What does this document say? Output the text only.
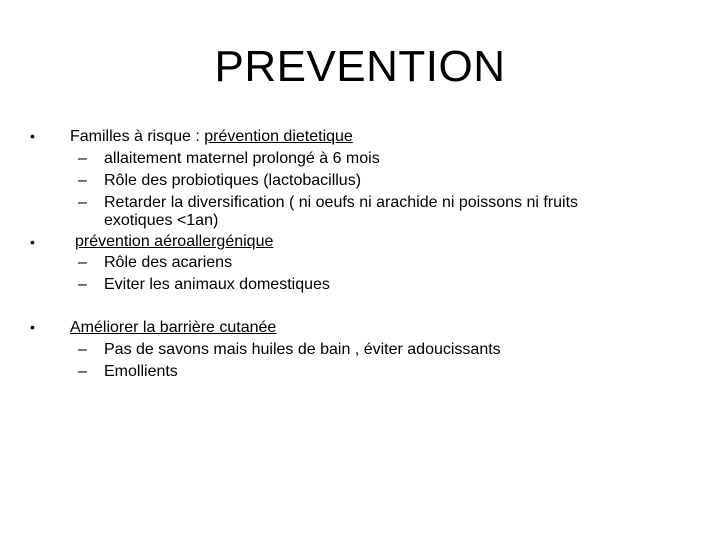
PREVENTION
• Familles à risque : prévention dietetique
– allaitement maternel prolongé à 6 mois
– Rôle des probiotiques (lactobacillus)
– Retarder la diversification ( ni oeufs ni arachide ni poissons ni fruits
exotiques <1an)
•	prévention aéroallergénique
– Rôle des acariens
– Eviter les animaux domestiques
• Améliorer la barrière cutanée
– Pas de savons mais huiles de bain , éviter adoucissants
– Emollients
